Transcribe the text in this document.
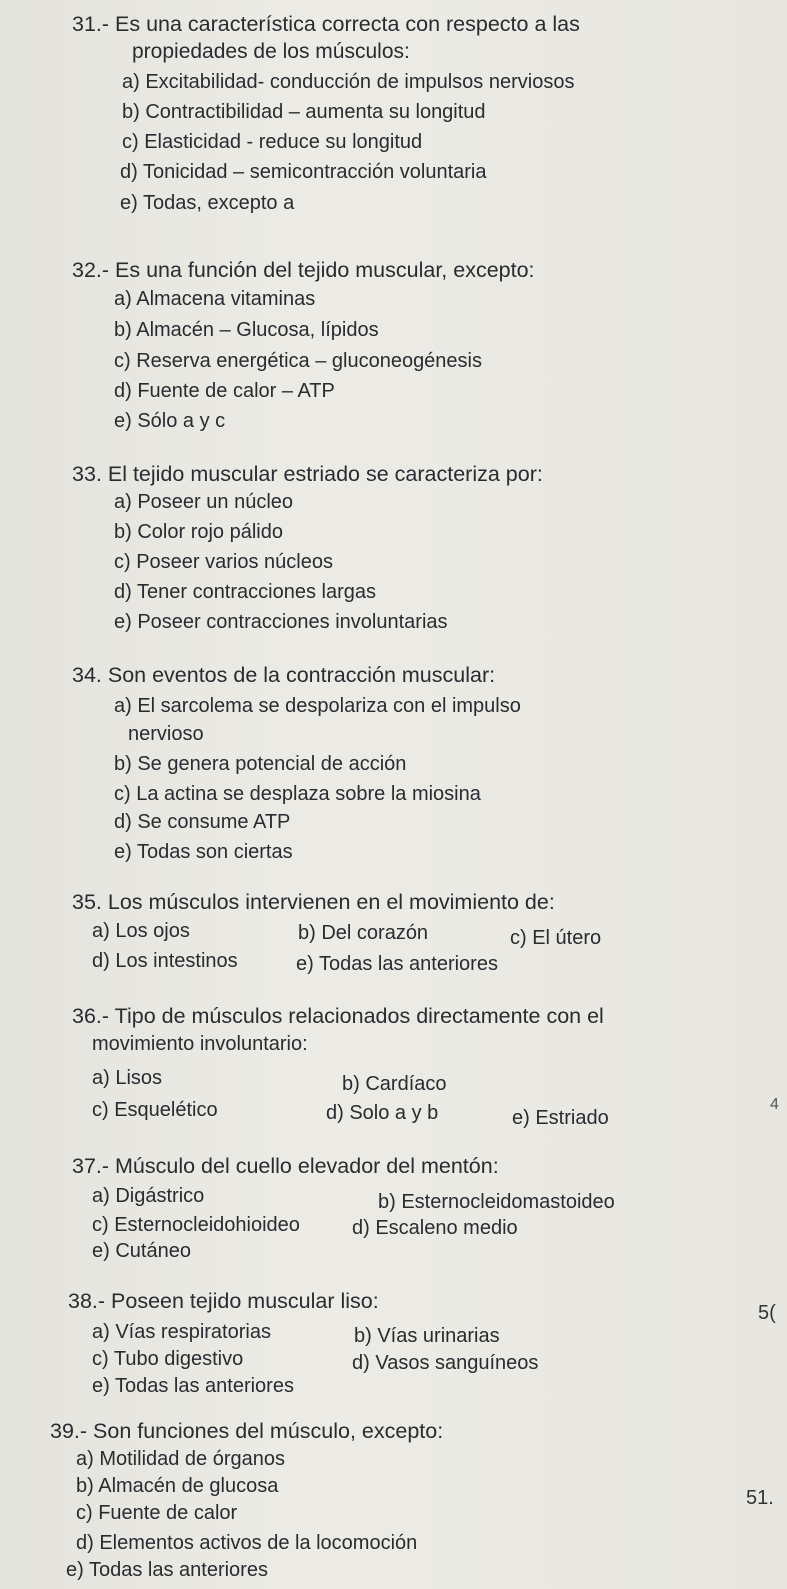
31.- Es una característica correcta con respecto a las
propiedades de los músculos:
a) Excitabilidad- conducción de impulsos nerviosos
b) Contractibilidad – aumenta su longitud
c) Elasticidad - reduce su longitud
d) Tonicidad – semicontracción voluntaria
e) Todas, excepto a
32.- Es una función del tejido muscular, excepto:
a) Almacena vitaminas
b) Almacén – Glucosa, lípidos
c) Reserva energética – gluconeogénesis
d) Fuente de calor – ATP
e) Sólo a y c
33. El tejido muscular estriado se caracteriza por:
a) Poseer un núcleo
b) Color rojo pálido
c) Poseer varios núcleos
d) Tener contracciones largas
e) Poseer contracciones involuntarias
34. Son eventos de la contracción muscular:
a) El sarcolema se despolariza con el impulso
nervioso
b) Se genera potencial de acción
c) La actina se desplaza sobre la miosina
d) Se consume ATP
e) Todas son ciertas
35. Los músculos intervienen en el movimiento de:
a) Los ojos	b) Del corazón	c) El útero
d) Los intestinos	e) Todas las anteriores
36.- Tipo de músculos relacionados directamente con el
movimiento involuntario:
a) Lisos	b) Cardíaco
c) Esquelético	d) Solo a y b	e) Estriado
37.- Músculo del cuello elevador del mentón:
a) Digástrico	b) Esternocleidomastoideo
c) Esternocleidohioideo	d) Escaleno medio
e) Cutáneo
38.- Poseen tejido muscular liso:
a) Vías respiratorias	b) Vías urinarias
c) Tubo digestivo	d) Vasos sanguíneos
e) Todas las anteriores
39.- Son funciones del músculo, excepto:
a) Motilidad de órganos
b) Almacén de glucosa
c) Fuente de calor
d) Elementos activos de la locomoción
e) Todas las anteriores
5(
51.
4
